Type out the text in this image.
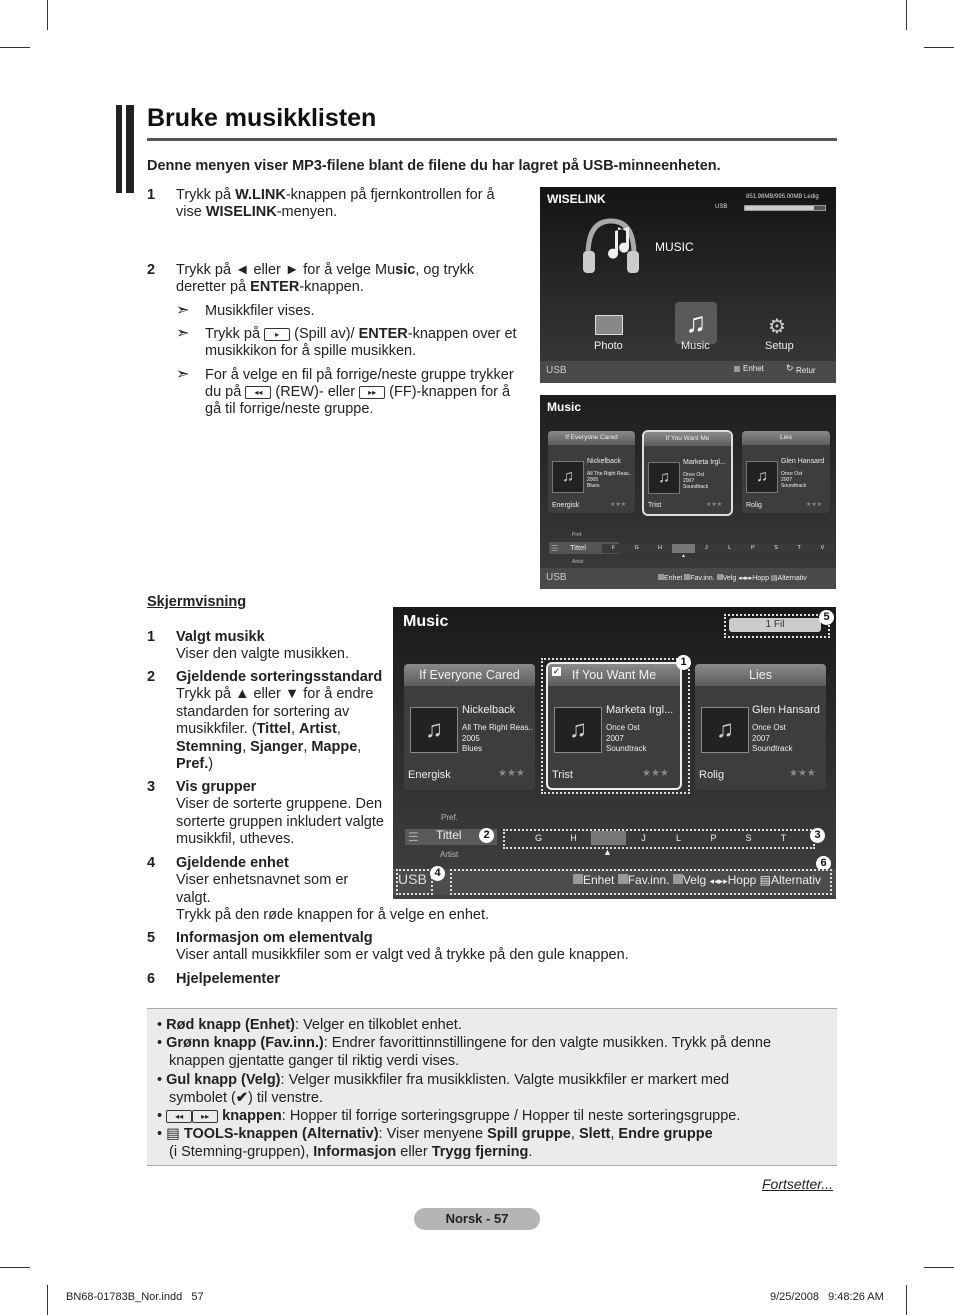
Bruke musikklisten
Denne menyen viser MP3-filene blant de filene du har lagret på USB-minneenheten.
1 Trykk på W.LINK-knappen på fjernkontrollen for å
vise WISELINK-menyen.
2 Trykk på ◄ eller ► for å velge Music, og trykk
deretter på ENTER-knappen.
➣ Musikkfiler vises.
➣ Trykk på ▸ (Spill av)/ ENTER-knappen over et
musikkikon for å spille musikken.
➣ For å velge en fil på forrige/neste gruppe trykker
du på ◂◂ (REW)- eller ▸▸ (FF)-knappen for å
gå til forrige/neste gruppe.
WISELINK	851.98MB/995.00MB Ledig
USB
MUSIC
♫	⚙
Photo	Music	Setup
USB	Enhet ↻ Retur
Music
If Everyone Cared
♫
Nickelback
All The Right Reas..
2005
Blues
Energisk	★★★
If You Want Me
♫
Marketa Irgl...
Once Ost
2007
Soundtrack
Trist	★★★
Lies
♫
Glen Hansard
Once Ost
2007
Soundtrack
Rolig	★★★
Pref.
☰ Tittel
Artist
F	G	H	J	L	P	S	T	V
▲
USB	Enhet Fav.inn. Velg ◂◂▸▸Hopp ▤Alternativ
Skjermvisning
1 Valgt musikk
Viser den valgte musikken.
2 Gjeldende sorteringsstandard
Trykk på ▲ eller ▼ for å endre
standarden for sortering av
musikkfiler. (Tittel, Artist,
Stemning, Sjanger, Mappe,
Pref.)
3 Vis grupper
Viser de sorterte gruppene. Den
sorterte gruppen inkludert valgte
musikkfil, utheves.
4 Gjeldende enhet
Viser enhetsnavnet som er
valgt.
Trykk på den røde knappen for å velge en enhet.
5 Informasjon om elementvalg
Viser antall musikkfiler som er valgt ved å trykke på den gule knappen.
6 Hjelpelementer
Music	1 Fil
5
If Everyone Cared
♫
Nickelback
All The Right Reas..
2005
Blues
Energisk	★★★
If You Want Me
✓
♫
Marketa Irgl...
Once Ost
2007
Soundtrack
Trist	★★★
1
Lies
♫
Glen Hansard
Once Ost
2007
Soundtrack
Rolig	★★★
Pref.
☰ Tittel	2
Artist
G	H	J	L	P	S	T	3
▲
6
USB 4	Enhet Fav.inn. Velg ◂◂▸▸Hopp ▤Alternativ
• Rød knapp (Enhet): Velger en tilkoblet enhet.
• Grønn knapp (Fav.inn.): Endrer favorittinnstillingene for den valgte musikken. Trykk på denne
knappen gjentatte ganger til riktig verdi vises.
• Gul knapp (Velg): Velger musikkfiler fra musikklisten. Valgte musikkfiler er markert med
symbolet (✔) til venstre.
• ◂◂ ▸▸ knappen: Hopper til forrige sorteringsgruppe / Hopper til neste sorteringsgruppe.
• ▤ TOOLS-knappen (Alternativ): Viser menyene Spill gruppe, Slett, Endre gruppe
(i Stemning-gruppen), Informasjon eller Trygg fjerning.
Fortsetter...
Norsk - 57
BN68-01783B_Nor.indd   57	9/25/2008   9:48:26 AM
